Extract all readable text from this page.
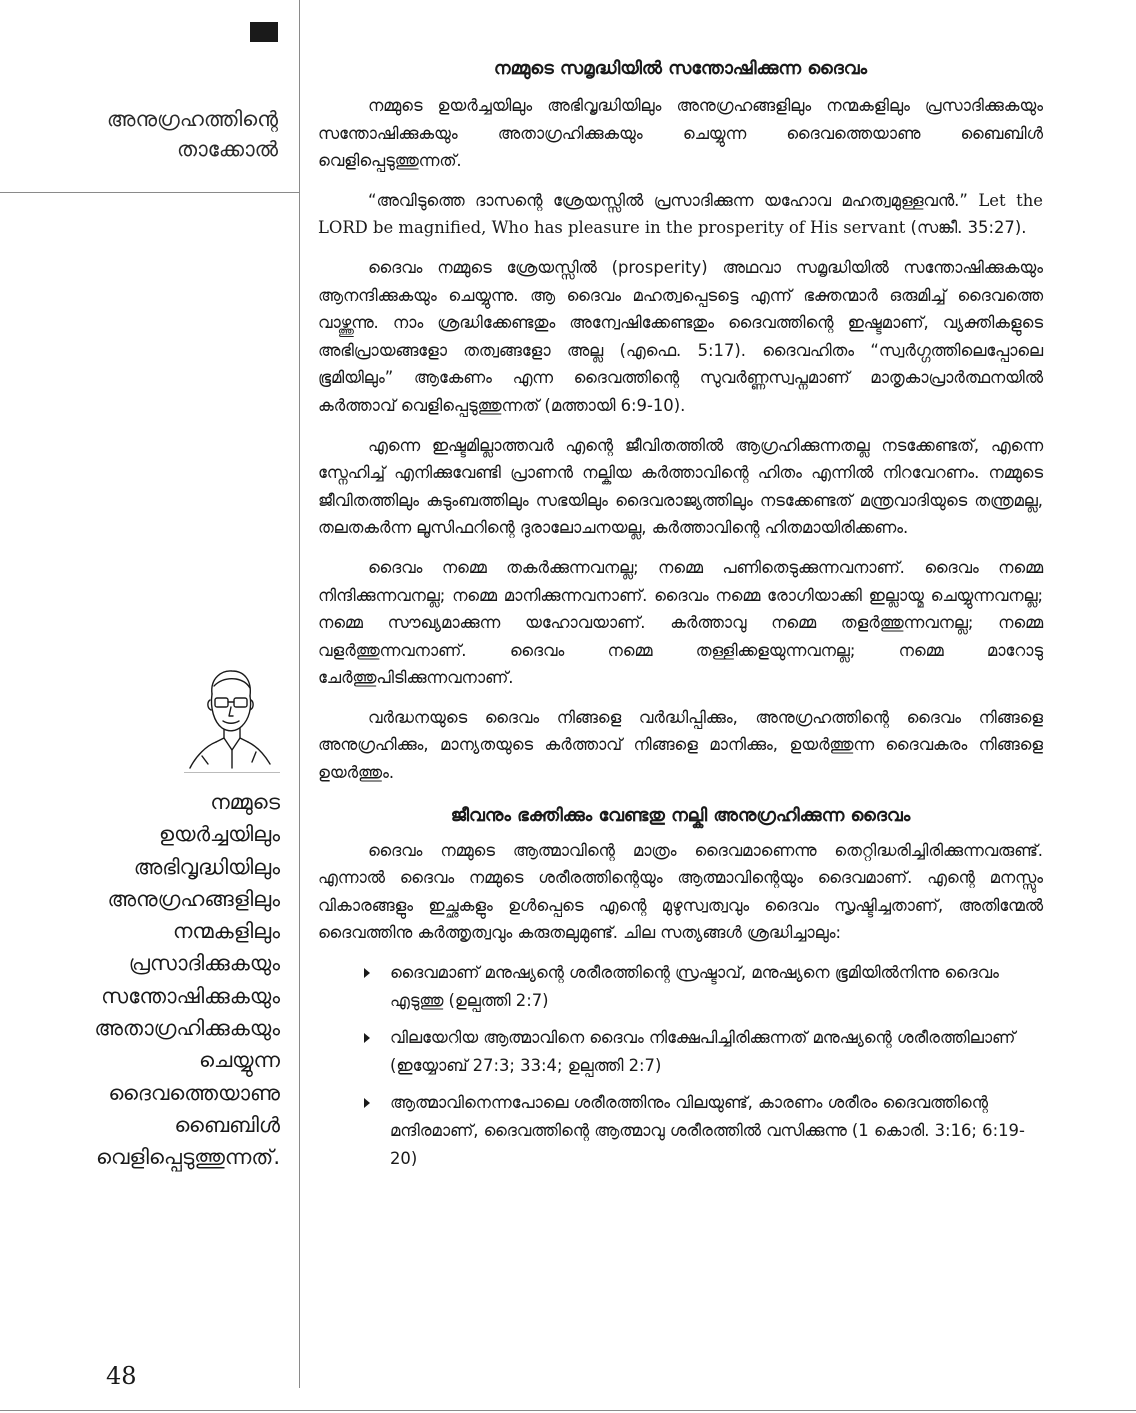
അനുഗ്രഹത്തിന്റെ
താക്കോൽ
നമ്മുടെ
ഉയർച്ചയിലും
അഭിവൃദ്ധിയിലും
അനുഗ്രഹങ്ങളിലും
നന്മകളിലും
പ്രസാദിക്കുകയും
സന്തോഷിക്കുകയും
അതാഗ്രഹിക്കുകയും
ചെയ്യുന്ന
ദൈവത്തെയാണു
ബൈബിൾ
വെളിപ്പെടുത്തുന്നത്.
48
നമ്മുടെ സമൃദ്ധിയിൽ സന്തോഷിക്കുന്ന ദൈവം

നമ്മുടെ ഉയർച്ചയിലും അഭിവൃദ്ധിയിലും അനുഗ്രഹങ്ങളിലും നന്മകളിലും പ്രസാദിക്കുകയും സന്തോഷിക്കുകയും അതാഗ്രഹിക്കുകയും ചെയ്യുന്ന ദൈവത്തെയാണു ബൈബിൾ വെളിപ്പെടുത്തുന്നത്.

“അവിടുത്തെ ദാസന്റെ ശ്രേയസ്സിൽ പ്രസാദിക്കുന്ന യഹോവ മഹത്വമുള്ളവൻ.” Let the LORD be magnified, Who has pleasure in the prosperity of His servant (സങ്കീ. 35:27).

ദൈവം നമ്മുടെ ശ്രേയസ്സിൽ (prosperity) അഥവാ സമൃദ്ധിയിൽ സന്തോഷിക്കുകയും ആനന്ദിക്കുകയും ചെയ്യുന്നു. ആ ദൈവം മഹത്വപ്പെടട്ടെ എന്ന് ഭക്തന്മാർ ഒരുമിച്ച് ദൈവത്തെ വാഴ്ത്തുന്നു. നാം ശ്രദ്ധിക്കേണ്ടതും അന്വേഷിക്കേണ്ടതും ദൈവത്തിന്റെ ഇഷ്ടമാണ്, വ്യക്തികളുടെ അഭിപ്രായങ്ങളോ തത്വങ്ങളോ അല്ല (എഫെ. 5:17). ദൈവഹിതം “സ്വർഗ്ഗത്തിലെപ്പോലെ ഭൂമിയിലും” ആകേണം എന്ന ദൈവത്തിന്റെ സുവർണ്ണസ്വപ്നമാണ് മാതൃകാപ്രാർത്ഥനയിൽ കർത്താവ് വെളിപ്പെടുത്തുന്നത് (മത്തായി 6:9-10).

എന്നെ ഇഷ്ടമില്ലാത്തവർ എന്റെ ജീവിതത്തിൽ ആഗ്രഹിക്കുന്നതല്ല നടക്കേണ്ടത്, എന്നെ സ്നേഹിച്ച് എനിക്കുവേണ്ടി പ്രാണൻ നല്കിയ കർത്താവിന്റെ ഹിതം എന്നിൽ നിറവേറണം. നമ്മുടെ ജീവിതത്തിലും കുടുംബത്തിലും സഭയിലും ദൈവരാജ്യത്തിലും നടക്കേണ്ടത് മന്ത്രവാദിയുടെ തന്ത്രമല്ല, തലതകർന്ന ലൂസിഫറിന്റെ ദുരാലോചനയല്ല, കർത്താവിന്റെ ഹിതമായിരിക്കണം.

ദൈവം നമ്മെ തകർക്കുന്നവനല്ല; നമ്മെ പണിതെടുക്കുന്നവനാണ്. ദൈവം നമ്മെ നിന്ദിക്കുന്നവനല്ല; നമ്മെ മാനിക്കുന്നവനാണ്. ദൈവം നമ്മെ രോഗിയാക്കി ഇല്ലായ്മ ചെയ്യുന്നവനല്ല; നമ്മെ സൗഖ്യമാക്കുന്ന യഹോവയാണ്. കർത്താവു നമ്മെ തളർത്തുന്നവനല്ല; നമ്മെ വളർത്തുന്നവനാണ്. ദൈവം നമ്മെ തള്ളിക്കളയുന്നവനല്ല; നമ്മെ മാറോടു ചേർത്തുപിടിക്കുന്നവനാണ്.

വർദ്ധനയുടെ ദൈവം നിങ്ങളെ വർദ്ധിപ്പിക്കും, അനുഗ്രഹത്തിന്റെ ദൈവം നിങ്ങളെ അനുഗ്രഹിക്കും, മാന്യതയുടെ കർത്താവ് നിങ്ങളെ മാനിക്കും, ഉയർത്തുന്ന ദൈവകരം നിങ്ങളെ ഉയർത്തും.

ജീവനും ഭക്തിക്കും വേണ്ടതു നല്കി അനുഗ്രഹിക്കുന്ന ദൈവം

ദൈവം നമ്മുടെ ആത്മാവിന്റെ മാത്രം ദൈവമാണെന്നു തെറ്റിദ്ധരിച്ചിരിക്കുന്നവരുണ്ട്. എന്നാൽ ദൈവം നമ്മുടെ ശരീരത്തിന്റെയും ആത്മാവിന്റെയും ദൈവമാണ്. എന്റെ മനസ്സും വികാരങ്ങളും ഇച്ഛകളും ഉൾപ്പെടെ എന്റെ മുഴുസ്വത്വവും ദൈവം സൃഷ്ടിച്ചതാണ്, അതിന്മേൽ ദൈവത്തിനു കർത്തൃത്വവും കരുതലുമുണ്ട്. ചില സത്യങ്ങൾ ശ്രദ്ധിച്ചാലും:

ദൈവമാണ് മനുഷ്യന്റെ ശരീരത്തിന്റെ സ്രഷ്ടാവ്, മനുഷ്യനെ ഭൂമിയിൽനിന്നു ദൈവം എടുത്തു (ഉല്പത്തി 2:7)
വിലയേറിയ ആത്മാവിനെ ദൈവം നിക്ഷേപിച്ചിരിക്കുന്നത് മനുഷ്യന്റെ ശരീരത്തിലാണ് (ഇയ്യോബ് 27:3; 33:4; ഉല്പത്തി 2:7)
ആത്മാവിനെന്നപോലെ ശരീരത്തിനും വിലയുണ്ട്, കാരണം ശരീരം ദൈവത്തിന്റെ മന്ദിരമാണ്, ദൈവത്തിന്റെ ആത്മാവു ശരീരത്തിൽ വസിക്കുന്നു (1 കൊരി. 3:16; 6:19-20)
